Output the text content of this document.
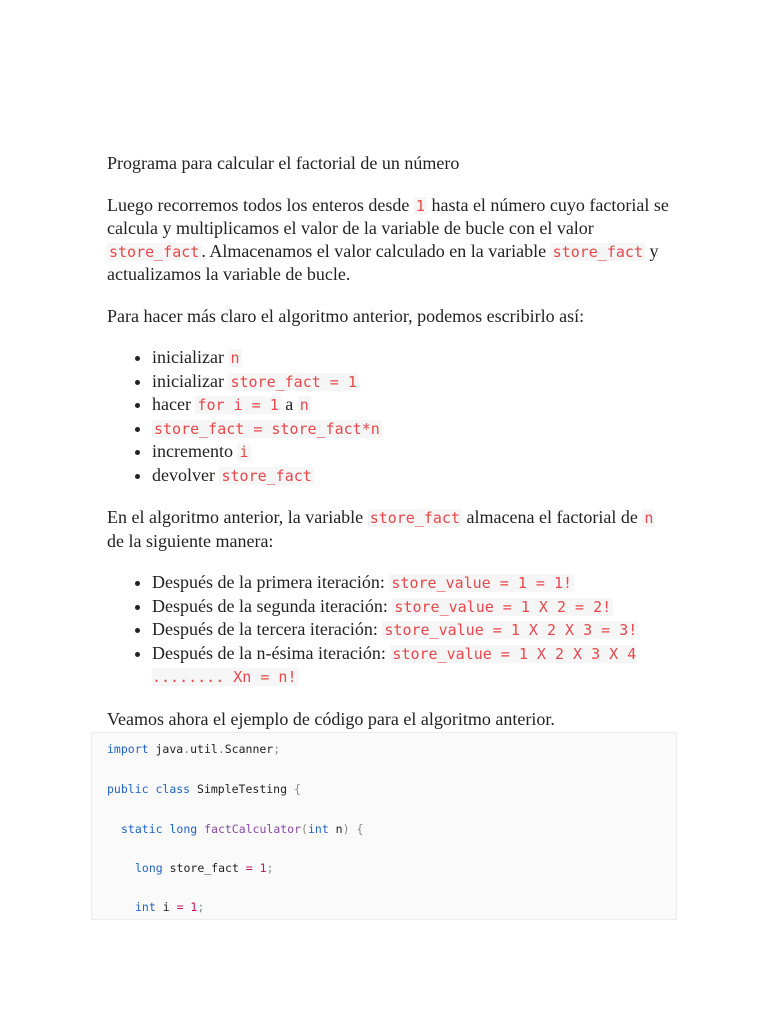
Programa para calcular el factorial de un número

Luego recorremos todos los enteros desde 1 hasta el número cuyo factorial se calcula y multiplicamos el valor de la variable de bucle con el valor store_fact . Almacenamos el valor calculado en la variable store_fact y actualizamos la variable de bucle.

Para hacer más claro el algoritmo anterior, podemos escribirlo así:

• inicializar n
• inicializar store_fact = 1
• hacer for i = 1 a n
• store_fact = store_fact*n
• incremento i
• devolver store_fact

En el algoritmo anterior, la variable store_fact almacena el factorial de n de la siguiente manera:

• Después de la primera iteración: store_value = 1 = 1!
• Después de la segunda iteración: store_value = 1 X 2 = 2!
• Después de la tercera iteración: store_value = 1 X 2 X 3 = 3!
• Después de la n-ésima iteración: store_value = 1 X 2 X 3 X 4 ........ Xn = n!

Veamos ahora el ejemplo de código para el algoritmo anterior.

import java.util.Scanner;
public class SimpleTesting {
static long factCalculator(int n) {
long store_fact = 1;
int i = 1;
